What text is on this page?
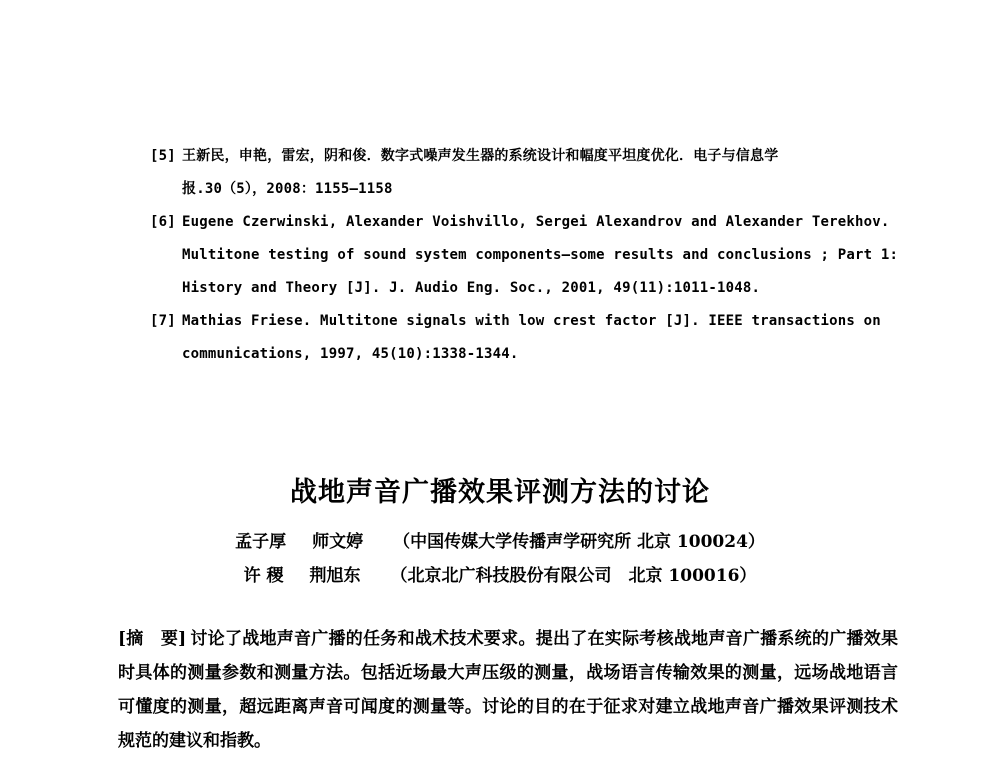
[5] 王新民，申艳，雷宏，阴和俊．数字式噪声发生器的系统设计和幅度平坦度优化．电子与信息学
报.30（5），2008：1155—1158
[6] Eugene Czerwinski, Alexander Voishvillo, Sergei Alexandrov and Alexander Terekhov.
Multitone testing of sound system components—some results and conclusions ; Part 1:
History and Theory [J]. J. Audio Eng. Soc., 2001, 49(11):1011-1048.
[7] Mathias Friese. Multitone signals with low crest factor [J]. IEEE transactions on
communications, 1997, 45(10):1338-1344.
战地声音广播效果评测方法的讨论
孟子厚 师文婷 （中国传媒大学传播声学研究所 北京 100024）
许 稷 荆旭东 （北京北广科技股份有限公司　北京 100016）
[摘　要] 讨论了战地声音广播的任务和战术技术要求。提出了在实际考核战地声音广播系统的广播效果时具体的测量参数和测量方法。包括近场最大声压级的测量，战场语言传输效果的测量，远场战地语言可懂度的测量，超远距离声音可闻度的测量等。讨论的目的在于征求对建立战地声音广播效果评测技术规范的建议和指教。
